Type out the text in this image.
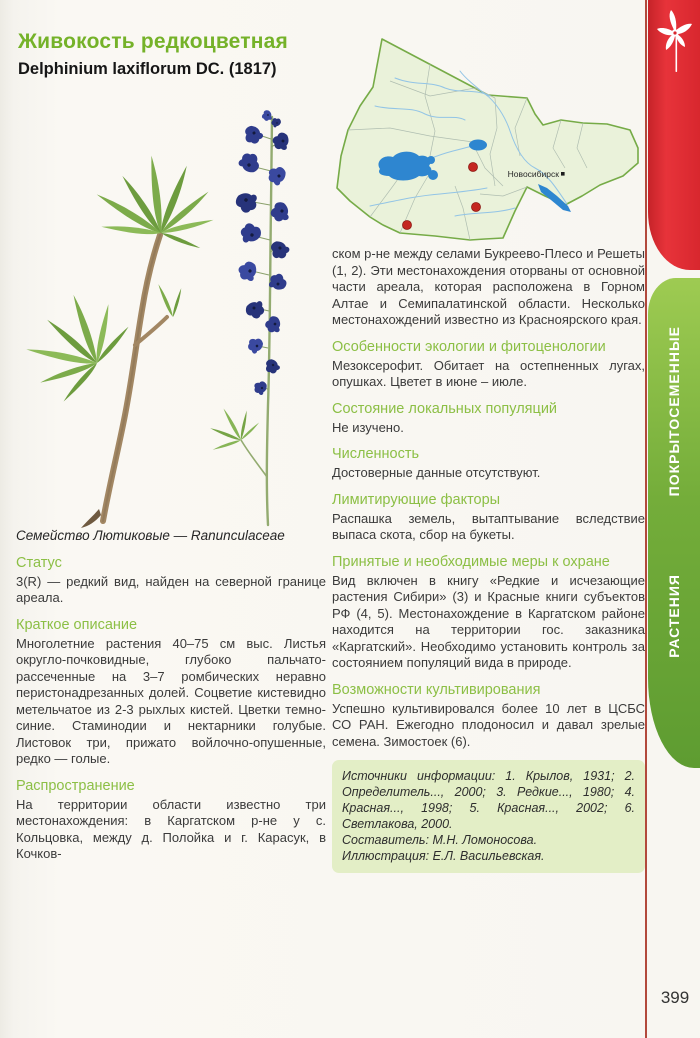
Живокость редкоцветная
Delphinium laxiflorum DC. (1817)
Новосибирск

Семейство Лютиковые — Ranunculaceae

Статус

3(R) — редкий вид, найден на северной границе ареала.

Краткое описание

Многолетние растения 40–75 см выс. Листья округло-почковидные, глубоко пальчато-рассеченные на 3–7 ромбических неравно перистонадрезанных долей. Соцветие кистевидно метельчатое из 2-3 рыхлых кистей. Цветки темно-синие. Стаминодии и нектарники голубые. Листовок три, прижато войлочно-опушенные, редко — голые.

Распространение

На территории области известно три местонахождения: в Каргатском р-не у с. Кольцовка, между д. Полойка и г. Карасук, в Кочков-

ском р-не между селами Букреево-Плесо и Решеты (1, 2). Эти местонахождения оторваны от основной части ареала, которая расположена в Горном Алтае и Семипалатинской области. Несколько местонахождений известно из Красноярского края.

Особенности экологии и фитоценологии

Мезоксерофит. Обитает на остепненных лугах, опушках. Цветет в июне – июле.

Состояние локальных популяций

Не изучено.

Численность

Достоверные данные отсутствуют.

Лимитирующие факторы

Распашка земель, вытаптывание вследствие выпаса скота, сбор на букеты.

Принятые и необходимые меры к охране

Вид включен в книгу «Редкие и исчезающие растения Сибири» (3) и Красные книги субъектов РФ (4, 5). Местонахождение в Каргатском районе находится на территории гос. заказника «Каргатский». Необходимо установить контроль за состоянием популяций вида в природе.

Возможности культивирования

Успешно культивировался более 10 лет в ЦСБС СО РАН. Ежегодно плодоносил и давал зрелые семена. Зимостоек (6).

Источники информации: 1. Крылов, 1931; 2. Определитель..., 2000; 3. Редкие..., 1980; 4. Красная..., 1998; 5. Красная..., 2002; 6. Светлакова, 2000.

Составитель: М.Н. Ломоносова.

Иллюстрация: Е.Л. Васильевская.

ПОКРЫТОСЕМЕННЫЕ
РАСТЕНИЯ
399
